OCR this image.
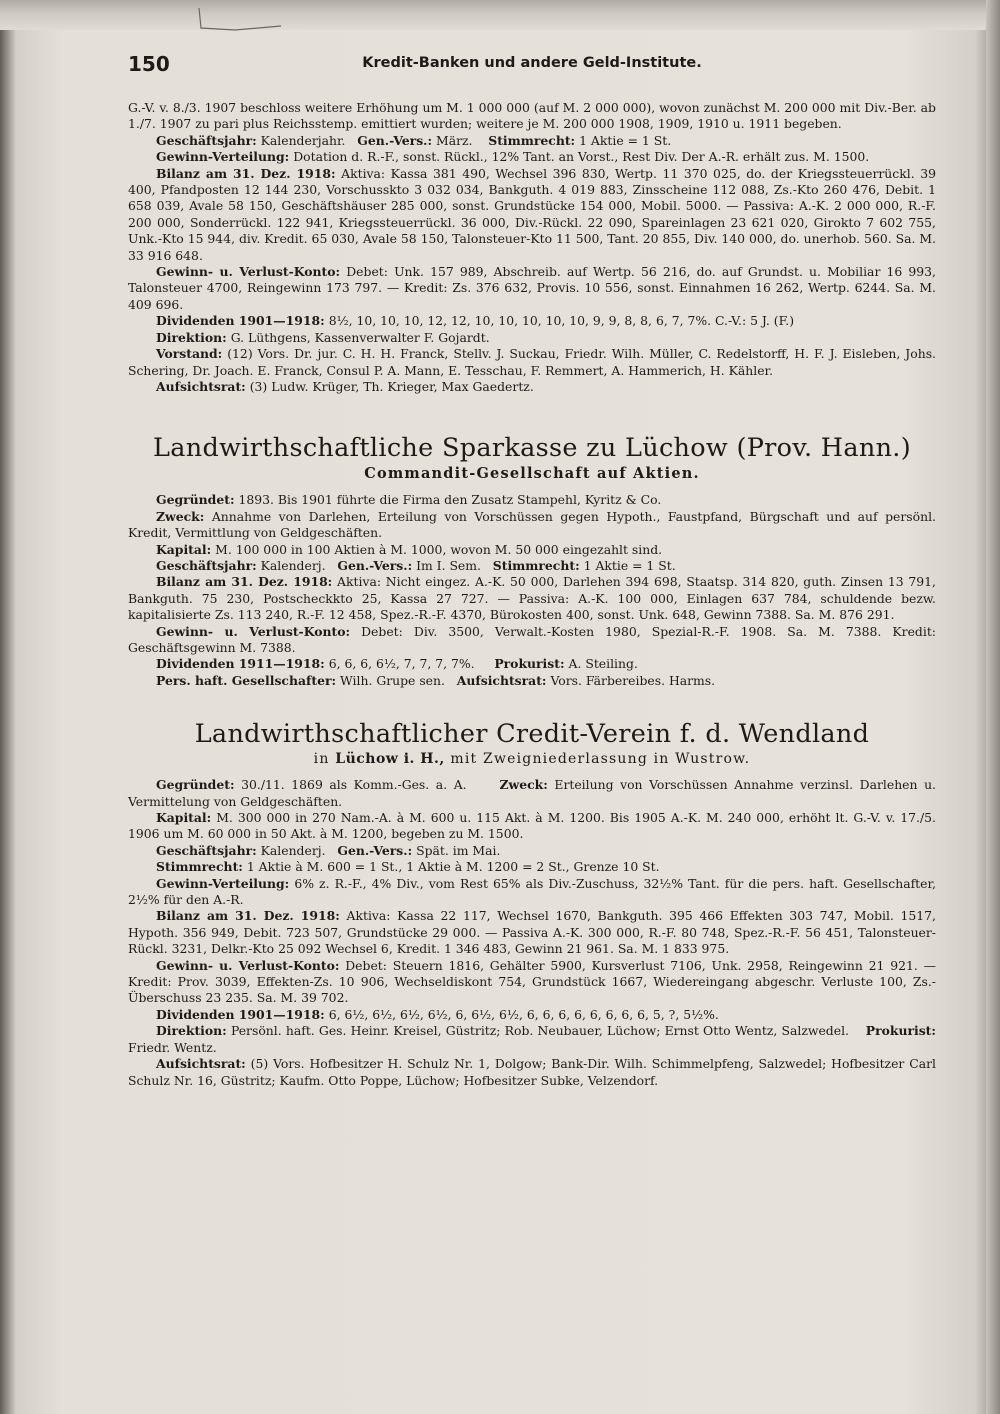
150	Kredit-Banken und andere Geld-Institute.

G.-V. v. 8./3. 1907 beschloss weitere Erhöhung um M. 1 000 000 (auf M. 2 000 000), wovon zunächst M. 200 000 mit Div.-Ber. ab 1./7. 1907 zu pari plus Reichsstemp. emittiert wurden; weitere je M. 200 000 1908, 1909, 1910 u. 1911 begeben.

Geschäftsjahr: Kalenderjahr. Gen.-Vers.: März. Stimmrecht: 1 Aktie = 1 St.

Gewinn-Verteilung: Dotation d. R.-F., sonst. Rückl., 12% Tant. an Vorst., Rest Div. Der A.-R. erhält zus. M. 1500.

Bilanz am 31. Dez. 1918: Aktiva: Kassa 381 490, Wechsel 396 830, Wertp. 11 370 025, do. der Kriegssteuerrückl. 39 400, Pfandposten 12 144 230, Vorschusskto 3 032 034, Bankguth. 4 019 883, Zinsscheine 112 088, Zs.-Kto 260 476, Debit. 1 658 039, Avale 58 150, Geschäftshäuser 285 000, sonst. Grundstücke 154 000, Mobil. 5000. — Passiva: A.-K. 2 000 000, R.-F. 200 000, Sonderrückl. 122 941, Kriegssteuerrückl. 36 000, Div.-Rückl. 22 090, Spareinlagen 23 621 020, Girokto 7 602 755, Unk.-Kto 15 944, div. Kredit. 65 030, Avale 58 150, Talonsteuer-Kto 11 500, Tant. 20 855, Div. 140 000, do. unerhob. 560. Sa. M. 33 916 648.

Gewinn- u. Verlust-Konto: Debet: Unk. 157 989, Abschreib. auf Wertp. 56 216, do. auf Grundst. u. Mobiliar 16 993, Talonsteuer 4700, Reingewinn 173 797. — Kredit: Zs. 376 632, Provis. 10 556, sonst. Einnahmen 16 262, Wertp. 6244. Sa. M. 409 696.

Dividenden 1901—1918: 8½, 10, 10, 10, 12, 12, 10, 10, 10, 10, 10, 9, 9, 8, 8, 6, 7, 7%. C.-V.: 5 J. (F.)

Direktion: G. Lüthgens, Kassenverwalter F. Gojardt.

Vorstand: (12) Vors. Dr. jur. C. H. H. Franck, Stellv. J. Suckau, Friedr. Wilh. Müller, C. Redelstorff, H. F. J. Eisleben, Johs. Schering, Dr. Joach. E. Franck, Consul P. A. Mann, E. Tesschau, F. Remmert, A. Hammerich, H. Kähler.

Aufsichtsrat: (3) Ludw. Krüger, Th. Krieger, Max Gaedertz.

Landwirthschaftliche Sparkasse zu Lüchow (Prov. Hann.)
Commandit-Gesellschaft auf Aktien.

Gegründet: 1893. Bis 1901 führte die Firma den Zusatz Stampehl, Kyritz & Co.

Zweck: Annahme von Darlehen, Erteilung von Vorschüssen gegen Hypoth., Faustpfand, Bürgschaft und auf persönl. Kredit, Vermittlung von Geldgeschäften.

Kapital: M. 100 000 in 100 Aktien à M. 1000, wovon M. 50 000 eingezahlt sind.

Geschäftsjahr: Kalenderj. Gen.-Vers.: Im I. Sem. Stimmrecht: 1 Aktie = 1 St.

Bilanz am 31. Dez. 1918: Aktiva: Nicht eingez. A.-K. 50 000, Darlehen 394 698, Staatsp. 314 820, guth. Zinsen 13 791, Bankguth. 75 230, Postscheckkto 25, Kassa 27 727. — Passiva: A.-K. 100 000, Einlagen 637 784, schuldende bezw. kapitalisierte Zs. 113 240, R.-F. 12 458, Spez.-R.-F. 4370, Bürokosten 400, sonst. Unk. 648, Gewinn 7388. Sa. M. 876 291.

Gewinn- u. Verlust-Konto: Debet: Div. 3500, Verwalt.-Kosten 1980, Spezial-R.-F. 1908. Sa. M. 7388. Kredit: Geschäftsgewinn M. 7388.

Dividenden 1911—1918: 6, 6, 6, 6½, 7, 7, 7, 7%. Prokurist: A. Steiling.

Pers. haft. Gesellschafter: Wilh. Grupe sen. Aufsichtsrat: Vors. Färbereibes. Harms.

Landwirthschaftlicher Credit-Verein f. d. Wendland
in Lüchow i. H., mit Zweigniederlassung in Wustrow.

Gegründet: 30./11. 1869 als Komm.-Ges. a. A.	Zweck: Erteilung von Vorschüssen Annahme verzinsl. Darlehen u. Vermittelung von Geldgeschäften.

Kapital: M. 300 000 in 270 Nam.-A. à M. 600 u. 115 Akt. à M. 1200. Bis 1905 A.-K. M. 240 000, erhöht lt. G.-V. v. 17./5. 1906 um M. 60 000 in 50 Akt. à M. 1200, begeben zu M. 1500.

Geschäftsjahr: Kalenderj. Gen.-Vers.: Spät. im Mai.

Stimmrecht: 1 Aktie à M. 600 = 1 St., 1 Aktie à M. 1200 = 2 St., Grenze 10 St.

Gewinn-Verteilung: 6% z. R.-F., 4% Div., vom Rest 65% als Div.-Zuschuss, 32½% Tant. für die pers. haft. Gesellschafter, 2½% für den A.-R.

Bilanz am 31. Dez. 1918: Aktiva: Kassa 22 117, Wechsel 1670, Bankguth. 395 466 Effekten 303 747, Mobil. 1517, Hypoth. 356 949, Debit. 723 507, Grundstücke 29 000. — Passiva A.-K. 300 000, R.-F. 80 748, Spez.-R.-F. 56 451, Talonsteuer-Rückl. 3231, Delkr.-Kto 25 092 Wechsel 6, Kredit. 1 346 483, Gewinn 21 961. Sa. M. 1 833 975.

Gewinn- u. Verlust-Konto: Debet: Steuern 1816, Gehälter 5900, Kursverlust 7106, Unk. 2958, Reingewinn 21 921. — Kredit: Prov. 3039, Effekten-Zs. 10 906, Wechseldiskont 754, Grundstück 1667, Wiedereingang abgeschr. Verluste 100, Zs.-Überschuss 23 235. Sa. M. 39 702.

Dividenden 1901—1918: 6, 6½, 6½, 6½, 6½, 6, 6½, 6½, 6, 6, 6, 6, 6, 6, 6, 6, 5, ?, 5½%.

Direktion: Persönl. haft. Ges. Heinr. Kreisel, Güstritz; Rob. Neubauer, Lüchow; Ernst Otto Wentz, Salzwedel. Prokurist: Friedr. Wentz.

Aufsichtsrat: (5) Vors. Hofbesitzer H. Schulz Nr. 1, Dolgow; Bank-Dir. Wilh. Schimmelpfeng, Salzwedel; Hofbesitzer Carl Schulz Nr. 16, Güstritz; Kaufm. Otto Poppe, Lüchow; Hofbesitzer Subke, Velzendorf.
